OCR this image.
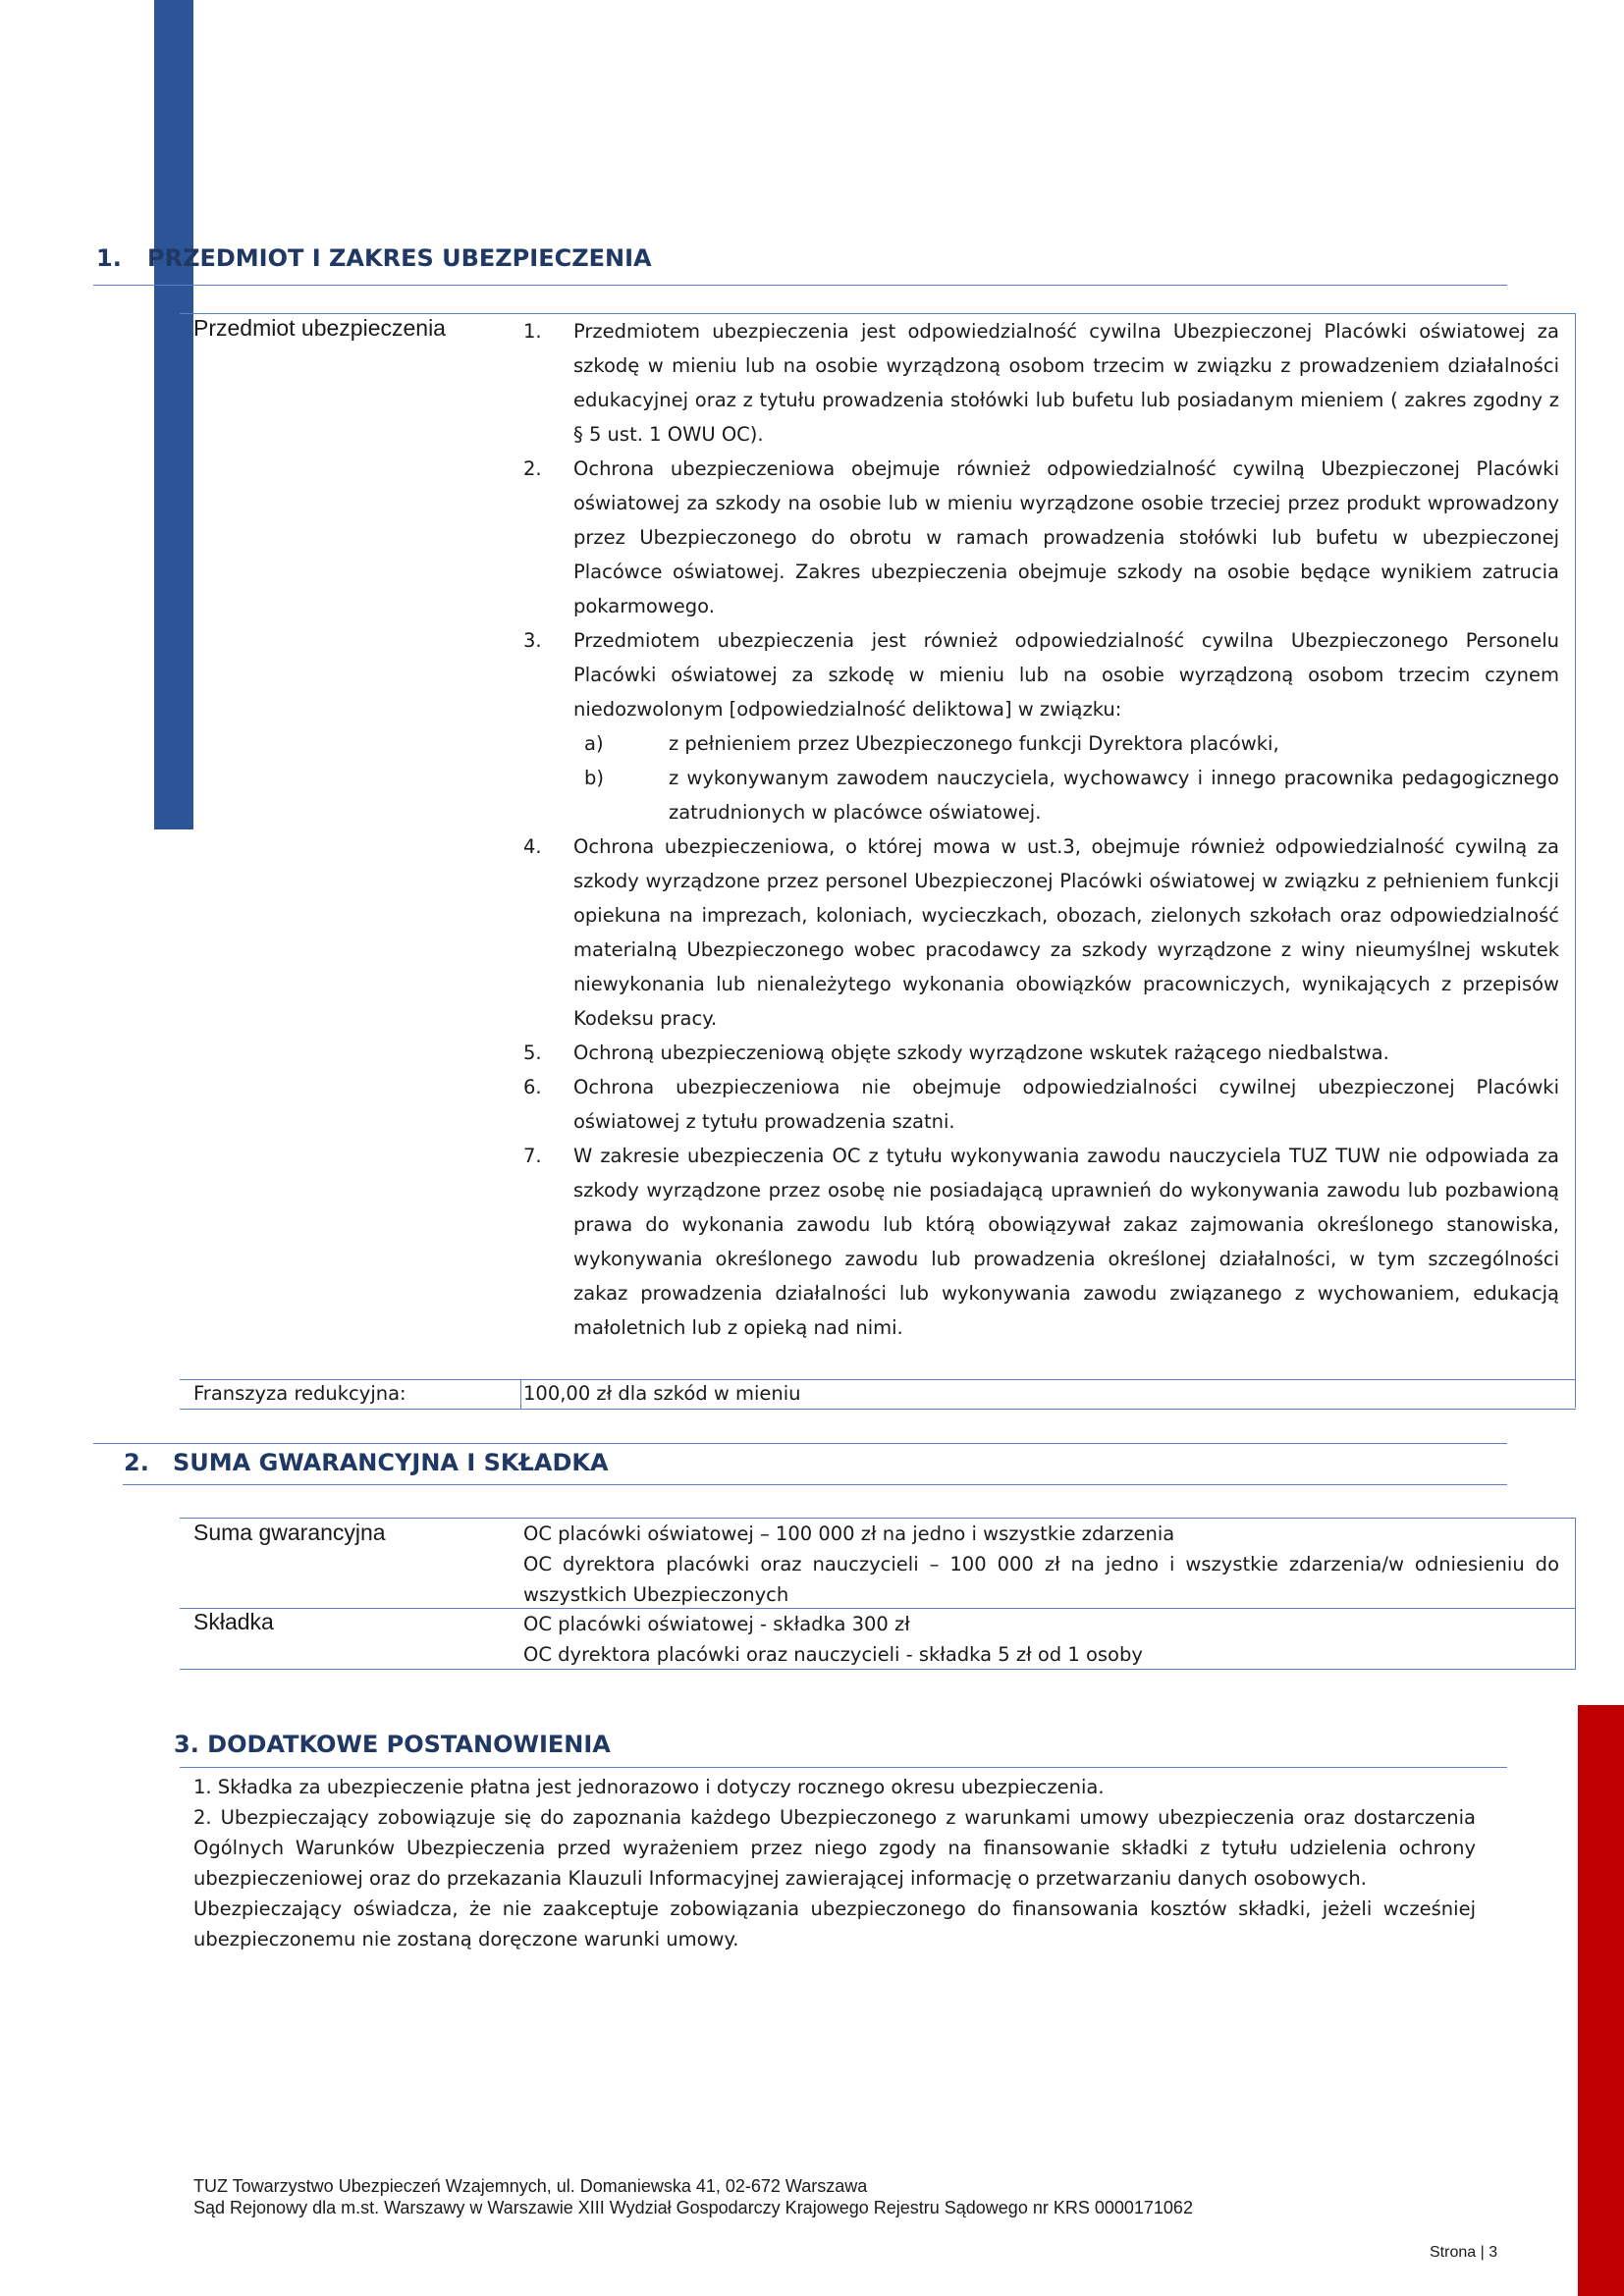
1. PRZEDMIOT I ZAKRES UBEZPIECZENIA
Przedmiot ubezpieczenia	1. Przedmiotem ubezpieczenia jest odpowiedzialność cywilna Ubezpieczonej Placówki oświatowej za szkodę w mieniu lub na osobie wyrządzoną osobom trzecim w związku z prowadzeniem działalności edukacyjnej oraz z tytułu prowadzenia stołówki lub bufetu lub posiadanym mieniem ( zakres zgodny z § 5 ust. 1 OWU OC).
2. Ochrona ubezpieczeniowa obejmuje również odpowiedzialność cywilną Ubezpieczonej Placówki oświatowej za szkody na osobie lub w mieniu wyrządzone osobie trzeciej przez produkt wprowadzony przez Ubezpieczonego do obrotu w ramach prowadzenia stołówki lub bufetu w ubezpieczonej Placówce oświatowej. Zakres ubezpieczenia obejmuje szkody na osobie będące wynikiem zatrucia pokarmowego.
3. Przedmiotem ubezpieczenia jest również odpowiedzialność cywilna Ubezpieczonego Personelu Placówki oświatowej za szkodę w mieniu lub na osobie wyrządzoną osobom trzecim czynem niedozwolonym [odpowiedzialność deliktowa] w związku:
a)	z pełnieniem przez Ubezpieczonego funkcji Dyrektora placówki,
b)	z wykonywanym zawodem nauczyciela, wychowawcy i innego pracownika pedagogicznego zatrudnionych w placówce oświatowej.
4. Ochrona ubezpieczeniowa, o której mowa w ust.3, obejmuje również odpowiedzialność cywilną za szkody wyrządzone przez personel Ubezpieczonej Placówki oświatowej w związku z pełnieniem funkcji opiekuna na imprezach, koloniach, wycieczkach, obozach, zielonych szkołach oraz odpowiedzialność materialną Ubezpieczonego wobec pracodawcy za szkody wyrządzone z winy nieumyślnej wskutek niewykonania lub nienależytego wykonania obowiązków pracowniczych, wynikających z przepisów Kodeksu pracy.
5. Ochroną ubezpieczeniową objęte szkody wyrządzone wskutek rażącego niedbalstwa.
6. Ochrona ubezpieczeniowa nie obejmuje odpowiedzialności cywilnej ubezpieczonej Placówki oświatowej z tytułu prowadzenia szatni.
7. W zakresie ubezpieczenia OC z tytułu wykonywania zawodu nauczyciela TUZ TUW nie odpowiada za szkody wyrządzone przez osobę nie posiadającą uprawnień do wykonywania zawodu lub pozbawioną prawa do wykonania zawodu lub którą obowiązywał zakaz zajmowania określonego stanowiska, wykonywania określonego zawodu lub prowadzenia określonej działalności, w tym szczególności zakaz prowadzenia działalności lub wykonywania zawodu związanego z wychowaniem, edukacją małoletnich lub z opieką nad nimi.
Franszyza redukcyjna:	100,00 zł dla szkód w mieniu
2. SUMA GWARANCYJNA I SKŁADKA
Suma gwarancyjna	OC placówki oświatowej – 100 000 zł na jedno i wszystkie zdarzenia
OC dyrektora placówki oraz nauczycieli – 100 000 zł na jedno i wszystkie zdarzenia/w odniesieniu do wszystkich Ubezpieczonych
Składka	OC placówki oświatowej - składka 300 zł
OC dyrektora placówki oraz nauczycieli - składka 5 zł od 1 osoby
3. DODATKOWE POSTANOWIENIA

1. Składka za ubezpieczenie płatna jest jednorazowo i dotyczy rocznego okresu ubezpieczenia.

2. Ubezpieczający zobowiązuje się do zapoznania każdego Ubezpieczonego z warunkami umowy ubezpieczenia oraz dostarczenia Ogólnych Warunków Ubezpieczenia przed wyrażeniem przez niego zgody na finansowanie składki z tytułu udzielenia ochrony ubezpieczeniowej oraz do przekazania Klauzuli Informacyjnej zawierającej informację o przetwarzaniu danych osobowych.

Ubezpieczający oświadcza, że nie zaakceptuje zobowiązania ubezpieczonego do finansowania kosztów składki, jeżeli wcześniej ubezpieczonemu nie zostaną doręczone warunki umowy.

TUZ Towarzystwo Ubezpieczeń Wzajemnych, ul. Domaniewska 41, 02-672 Warszawa
Sąd Rejonowy dla m.st. Warszawy w Warszawie XIII Wydział Gospodarczy Krajowego Rejestru Sądowego nr KRS 0000171062
Strona | 3
